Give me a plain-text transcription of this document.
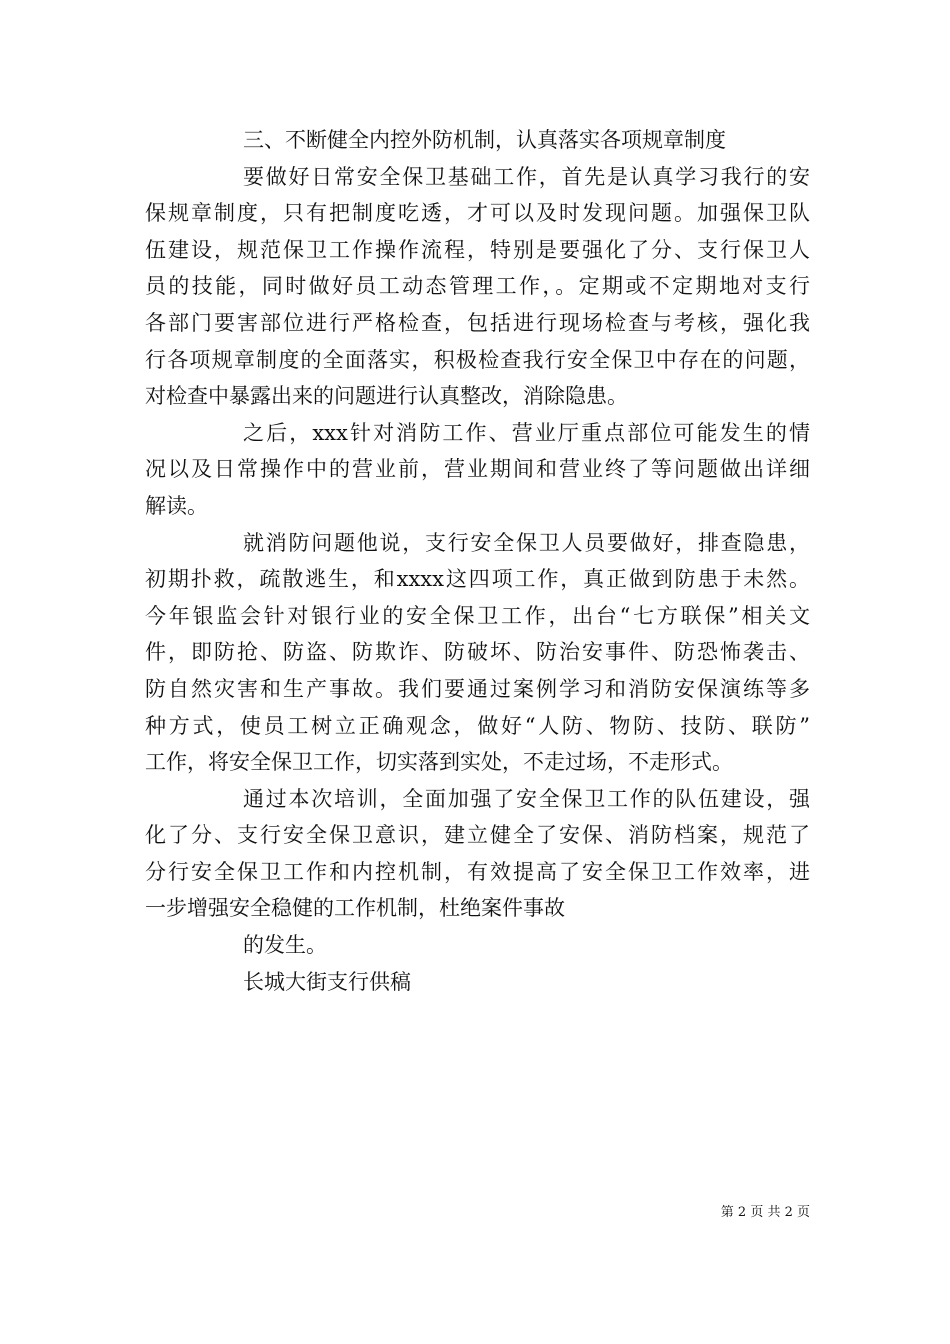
三、不断健全内控外防机制，认真落实各项规章制度
要做好日常安全保卫基础工作，首先是认真学习我行的安
保规章制度，只有把制度吃透，才可以及时发现问题。加强保卫队
伍建设，规范保卫工作操作流程，特别是要强化了分、支行保卫人
员的技能，同时做好员工动态管理工作，。定期或不定期地对支行
各部门要害部位进行严格检查，包括进行现场检查与考核，强化我
行各项规章制度的全面落实，积极检查我行安全保卫中存在的问题，
对检查中暴露出来的问题进行认真整改，消除隐患。
之后，xxx针对消防工作、营业厅重点部位可能发生的情
况以及日常操作中的营业前，营业期间和营业终了等问题做出详细
解读。
就消防问题他说，支行安全保卫人员要做好，排查隐患，
初期扑救，疏散逃生，和xxxx这四项工作，真正做到防患于未然。
今年银监会针对银行业的安全保卫工作，出台“七方联保”相关文
件，即防抢、防盗、防欺诈、防破坏、防治安事件、防恐怖袭击、
防自然灾害和生产事故。我们要通过案例学习和消防安保演练等多
种方式，使员工树立正确观念，做好“人防、物防、技防、联防”
工作，将安全保卫工作，切实落到实处，不走过场，不走形式。
通过本次培训，全面加强了安全保卫工作的队伍建设，强
化了分、支行安全保卫意识，建立健全了安保、消防档案，规范了
分行安全保卫工作和内控机制，有效提高了安全保卫工作效率，进
一步增强安全稳健的工作机制，杜绝案件事故
的发生。
长城大街支行供稿
第 2 页 共 2 页
